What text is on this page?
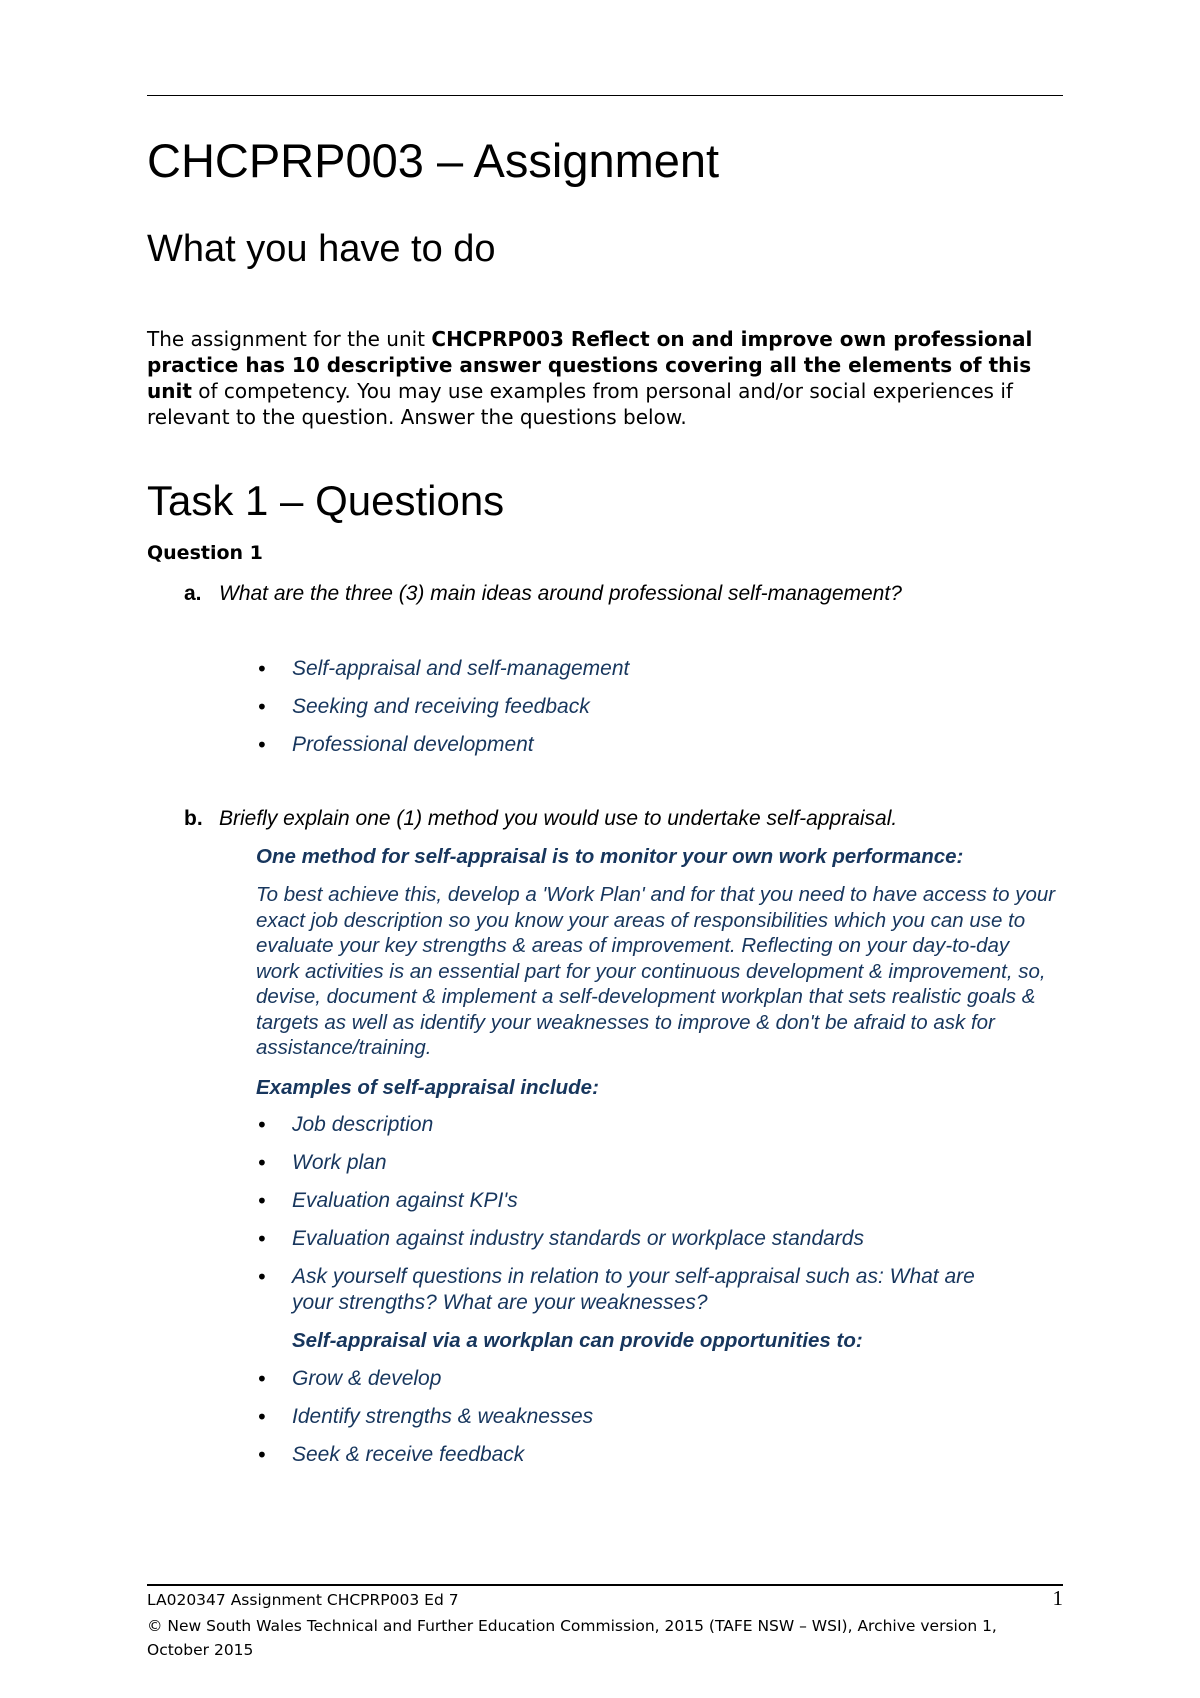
CHCPRP003 – Assignment
What you have to do

The assignment for the unit CHCPRP003 Reflect on and improve own professional practice has 10 descriptive answer questions covering all the elements of this unit of competency. You may use examples from personal and/or social experiences if relevant to the question. Answer the questions below.

Task 1 – Questions
Question 1
a. What are the three (3) main ideas around professional self-management?
• Self-appraisal and self-management
• Seeking and receiving feedback
• Professional development
b. Briefly explain one (1) method you would use to undertake self-appraisal.
One method for self-appraisal is to monitor your own work performance:

To best achieve this, develop a 'Work Plan' and for that you need to have access to your exact job description so you know your areas of responsibilities which you can use to evaluate your key strengths & areas of improvement. Reflecting on your day-to-day work activities is an essential part for your continuous development & improvement, so, devise, document & implement a self-development workplan that sets realistic goals & targets as well as identify your weaknesses to improve & don't be afraid to ask for assistance/training.

Examples of self-appraisal include:
• Job description
• Work plan
• Evaluation against KPI's
• Evaluation against industry standards or workplace standards
• Ask yourself questions in relation to your self-appraisal such as: What are your strengths? What are your weaknesses?
Self-appraisal via a workplan can provide opportunities to:
• Grow & develop
• Identify strengths & weaknesses
• Seek & receive feedback
LA020347 Assignment CHCPRP003 Ed 7	1
© New South Wales Technical and Further Education Commission, 2015 (TAFE NSW – WSI), Archive version 1, October 2015
